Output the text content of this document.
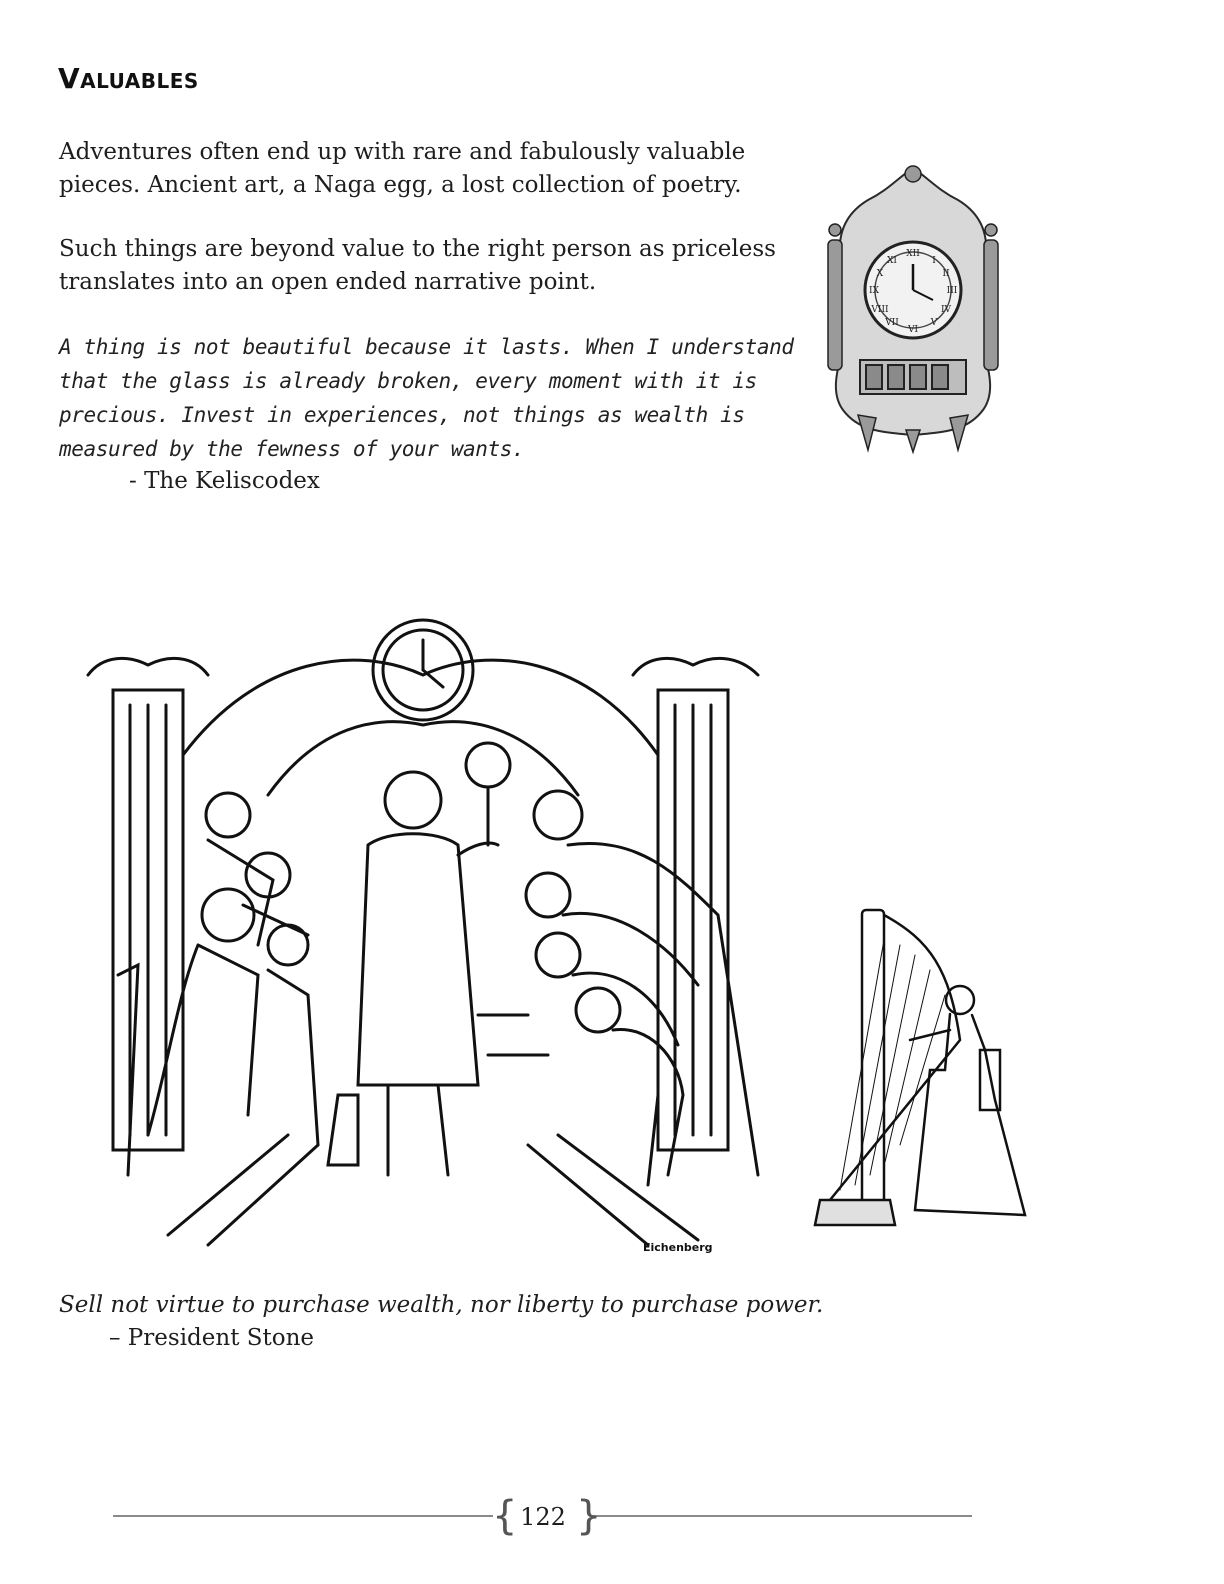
Valuables

Adventures often end up with rare and fabulously valuable pieces. Ancient art, a Naga egg, a lost collection of poetry.

Such things are beyond value to the right person as priceless translates into an open ended narrative point.

A thing is not beautiful because it lasts. When I understand that the glass is already broken, every moment with it is precious. Invest in experiences, not things as wealth is measured by the fewness of your wants.

- The Keliscodex
XII
VI
III
IX
I
XI
II
X
IV
VIII
V
VII
Eichenberg
Sell not virtue to purchase wealth, nor liberty to purchase power.
– President Stone
{ }
122
